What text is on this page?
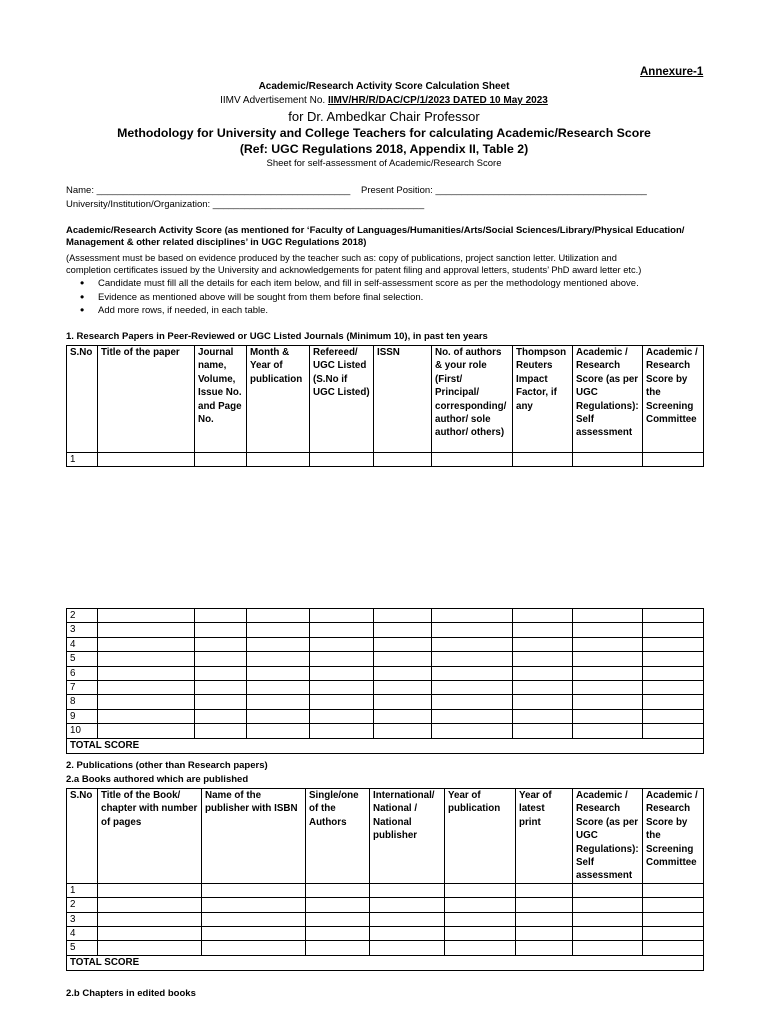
Annexure-1
Academic/Research Activity Score Calculation Sheet
IIMV Advertisement No. IIMV/HR/R/DAC/CP/1/2023 DATED 10 May 2023
for Dr. Ambedkar Chair Professor
Methodology for University and College Teachers for calculating Academic/Research Score
(Ref: UGC Regulations 2018, Appendix II, Table 2)
Sheet for self-assessment of Academic/Research Score
Name: ________________________________________________ Present Position: ________________________________________
University/Institution/Organization: ________________________________________
Academic/Research Activity Score (as mentioned for ‘Faculty of Languages/Humanities/Arts/Social Sciences/Library/Physical Education/
Management & other related disciplines’ in UGC Regulations 2018)
(Assessment must be based on evidence produced by the teacher such as: copy of publications, project sanction letter. Utilization and
completion certificates issued by the University and acknowledgements for patent filing and approval letters, students’ PhD award letter etc.)
• Candidate must fill all the details for each item below, and fill in self-assessment score as per the methodology mentioned above.
• Evidence as mentioned above will be sought from them before final selection.
• Add more rows, if needed, in each table.
1. Research Papers in Peer-Reviewed or UGC Listed Journals (Minimum 10), in past ten years
S.No	Title of the paper	Journal name, Volume, Issue No. and Page No.	Month & Year of publication	Refereed/ UGC Listed (S.No if UGC Listed)	ISSN	No. of authors & your role (First/ Principal/ corresponding/ author/ sole author/ others)	Thompson Reuters Impact Factor, if any	Academic / Research Score (as per UGC Regulations): Self assessment	Academic / Research Score by the Screening Committee
1									
2									
3									
4									
5									
6									
7									
8									
9									
10									
TOTAL SCORE									
2. Publications (other than Research papers)
2.a Books authored which are published
S.No	Title of the Book/ chapter with number of pages	Name of the publisher with ISBN	Single/one of the Authors	International/ National / National publisher	Year of publication	Year of latest print	Academic / Research Score (as per UGC Regulations): Self assessment	Academic / Research Score by the Screening Committee
1								
2								
3								
4								
5								
TOTAL SCORE								
2.b Chapters in edited books
